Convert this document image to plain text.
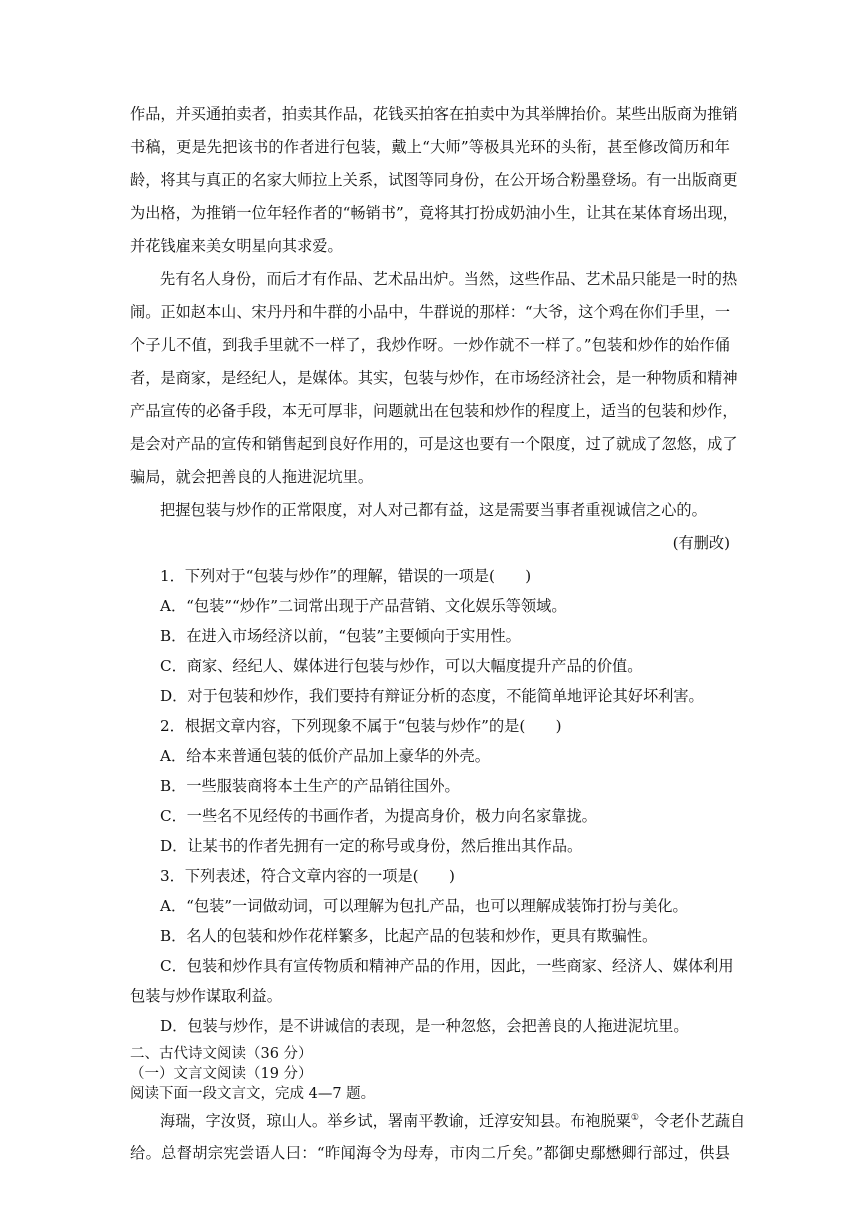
作品，并买通拍卖者，拍卖其作品，花钱买拍客在拍卖中为其举牌抬价。某些出版商为推销
书稿，更是先把该书的作者进行包装，戴上“大师”等极具光环的头衔，甚至修改简历和年
龄，将其与真正的名家大师拉上关系，试图等同身份，在公开场合粉墨登场。有一出版商更
为出格，为推销一位年轻作者的“畅销书”，竟将其打扮成奶油小生，让其在某体育场出现，
并花钱雇来美女明星向其求爱。
先有名人身份，而后才有作品、艺术品出炉。当然，这些作品、艺术品只能是一时的热
闹。正如赵本山、宋丹丹和牛群的小品中，牛群说的那样：“大爷，这个鸡在你们手里，一
个子儿不值，到我手里就不一样了，我炒作呀。一炒作就不一样了。”包装和炒作的始作俑
者，是商家，是经纪人，是媒体。其实，包装与炒作，在市场经济社会，是一种物质和精神
产品宣传的必备手段，本无可厚非，问题就出在包装和炒作的程度上，适当的包装和炒作，
是会对产品的宣传和销售起到良好作用的，可是这也要有一个限度，过了就成了忽悠，成了
骗局，就会把善良的人拖进泥坑里。
把握包装与炒作的正常限度，对人对己都有益，这是需要当事者重视诚信之心的。
(有删改)
1．下列对于“包装与炒作”的理解，错误的一项是(　　)
A．“包装”“炒作”二词常出现于产品营销、文化娱乐等领域。
B．在进入市场经济以前，“包装”主要倾向于实用性。
C．商家、经纪人、媒体进行包装与炒作，可以大幅度提升产品的价值。
D．对于包装和炒作，我们要持有辩证分析的态度，不能简单地评论其好坏利害。
2．根据文章内容，下列现象不属于“包装与炒作”的是(　　)
A．给本来普通包装的低价产品加上豪华的外壳。
B．一些服装商将本土生产的产品销往国外。
C．一些名不见经传的书画作者，为提高身价，极力向名家靠拢。
D．让某书的作者先拥有一定的称号或身份，然后推出其作品。
3．下列表述，符合文章内容的一项是(　　)
A．“包装”一词做动词，可以理解为包扎产品，也可以理解成装饰打扮与美化。
B．名人的包装和炒作花样繁多，比起产品的包装和炒作，更具有欺骗性。
C．包装和炒作具有宣传物质和精神产品的作用，因此，一些商家、经济人、媒体利用
包装与炒作谋取利益。
D．包装与炒作，是不讲诚信的表现，是一种忽悠，会把善良的人拖进泥坑里。
二、古代诗文阅读（36 分）
（一）文言文阅读（19 分）
阅读下面一段文言文，完成 4—7 题。
海瑞，字汝贤，琼山人。举乡试，署南平教谕，迁淳安知县。布袍脱粟①，令老仆艺蔬自
给。总督胡宗宪尝语人曰：“昨闻海令为母寿，市肉二斤矣。”都御史鄢懋卿行部过，供县
